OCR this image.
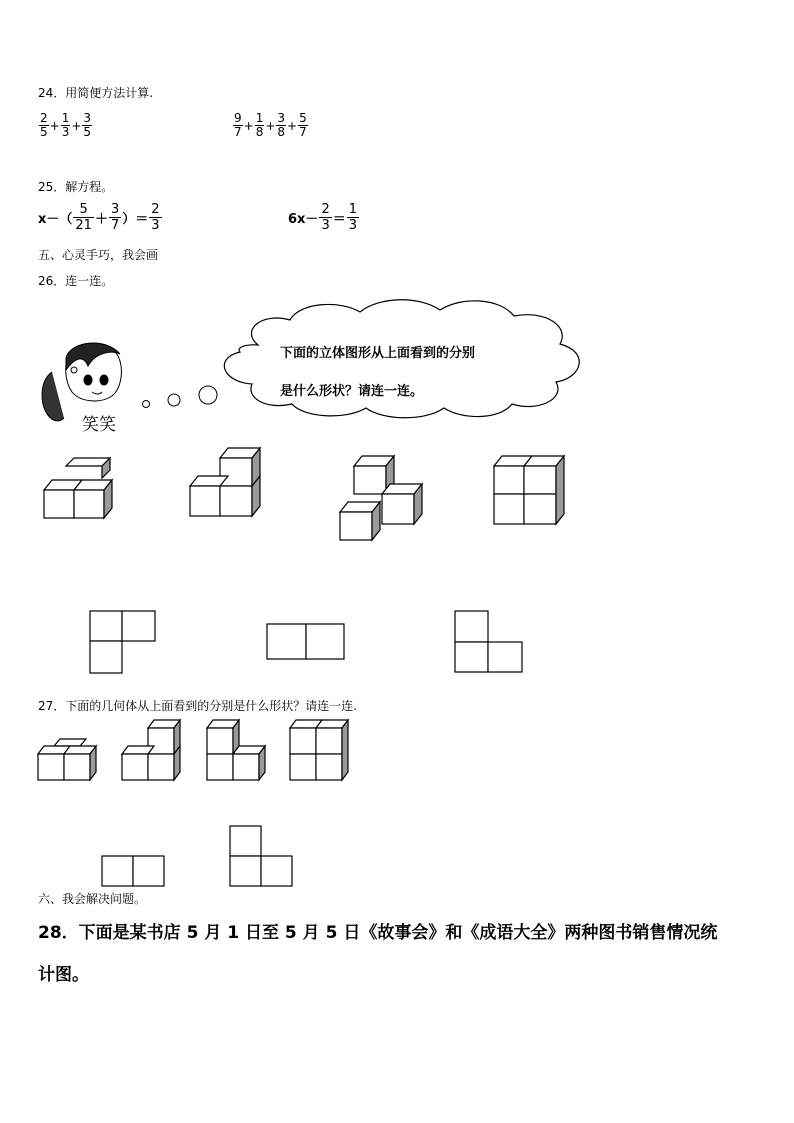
24．用简便方法计算.
$\frac{2}{5} + \frac{1}{3} + \frac{3}{5}$	$\frac{9}{7} + \frac{1}{8} + \frac{3}{8} + \frac{5}{7}$
25．解方程。
$x-( \frac{5}{21} + \frac{3}{7}$ ）＝ $\frac{2}{3}$	$6x- \frac{2}{3} = \frac{1}{3}$
五、心灵手巧，我会画
26．连一连。
下面的立体图形从上面看到的分别
是什么形状？请连一连。
笑笑
27．下面的几何体从上面看到的分别是什么形状？请连一连.
六、我会解决问题。
28．下面是某书店 5 月 1 日至 5 月 5 日《故事会》和《成语大全》两种图书销售情况统
计图。
